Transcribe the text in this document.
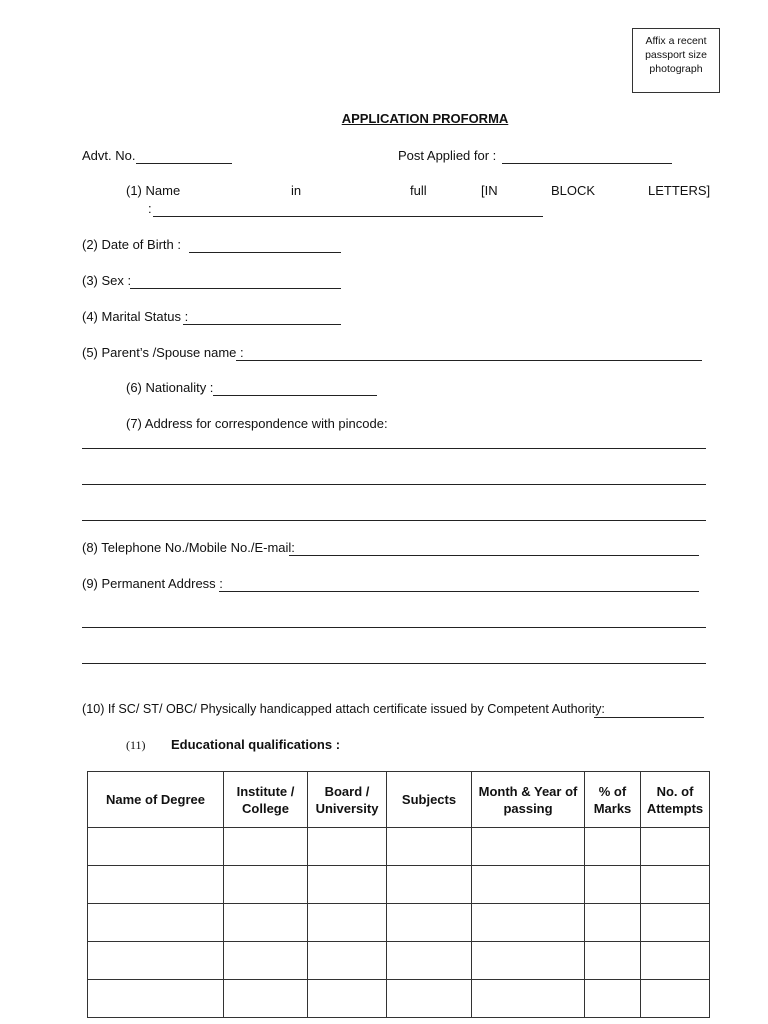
Affix a recent passport size photograph
APPLICATION PROFORMA
Advt. No.	Post Applied for :
(1) Name	in	full	[IN	BLOCK	LETTERS]
:
(2) Date of Birth :
(3) Sex :
(4) Marital Status :
(5) Parent’s /Spouse name :
(6) Nationality :
(7) Address for correspondence with pincode:
(8) Telephone No./Mobile No./E-mail:
(9) Permanent Address :
(10) If SC/ ST/ OBC/ Physically handicapped attach certificate issued by Competent Authority:
(11) Educational qualifications :
Name of Degree	Institute / College	Board / University	Subjects	Month & Year of passing	% of Marks	No. of Attempts
